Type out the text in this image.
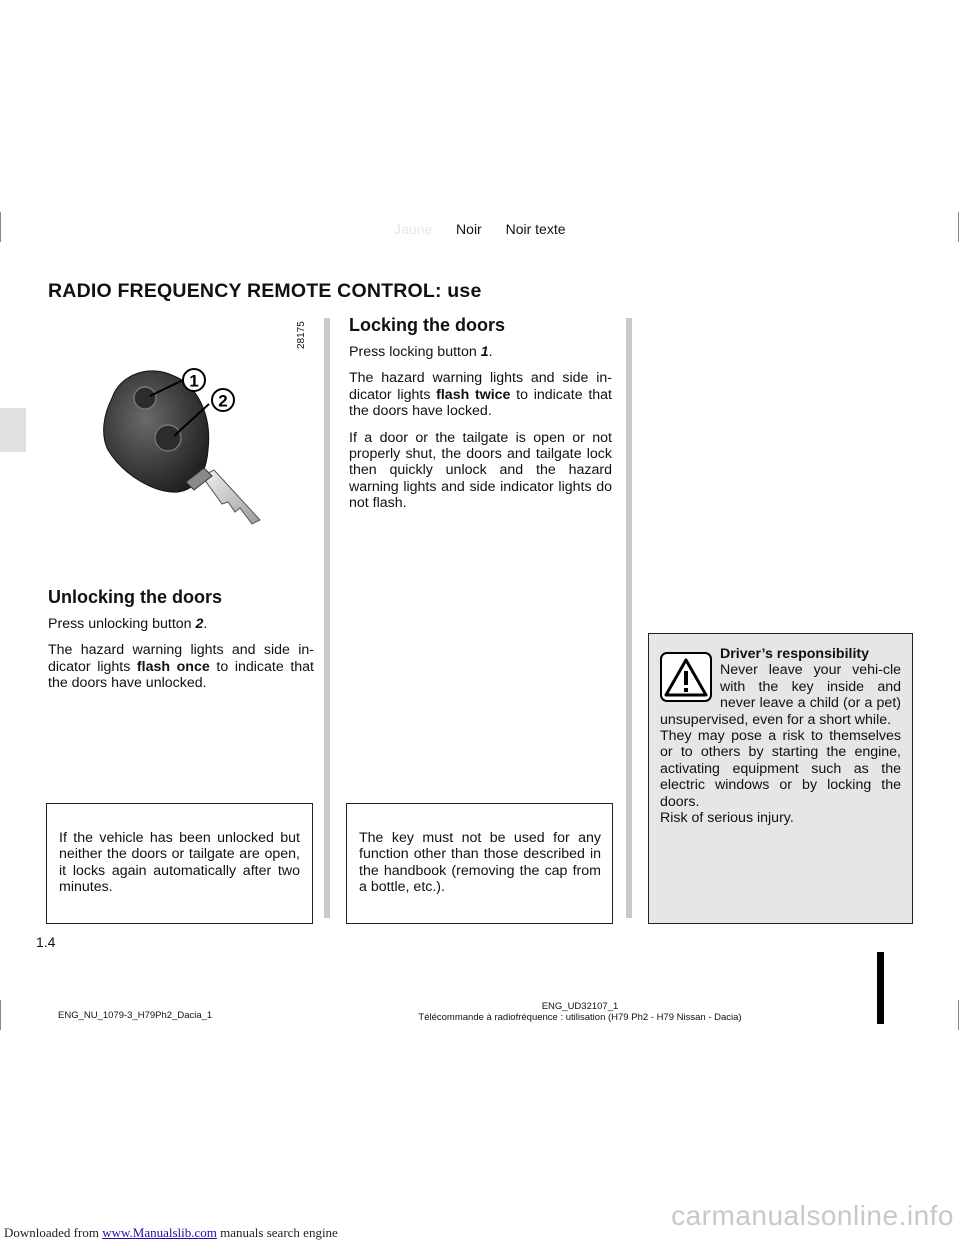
Jaune Noir Noir texte
RADIO FREQUENCY REMOTE CONTROL: use
28175
1
2
Unlocking the doors

Press unlocking button 2.

The hazard warning lights and side in-dicator lights flash once to indicate that the doors have unlocked.

Locking the doors

Press locking button 1.

The hazard warning lights and side in-dicator lights flash twice to indicate that the doors have locked.

If a door or the tailgate is open or not properly shut, the doors and tailgate lock then quickly unlock and the hazard warning lights and side indicator lights do not flash.

If the vehicle has been unlocked but neither the doors or tailgate are open, it locks again automatically after two minutes.

The key must not be used for any function other than those described in the handbook (removing the cap from a bottle, etc.).

Driver’s responsibility

Never leave your vehi-cle with the key inside and never leave a child (or a pet) unsupervised, even for a short while.

They may pose a risk to themselves or to others by starting the engine, activating equipment such as the electric windows or by locking the doors.

Risk of serious injury.

1.4
ENG_NU_1079-3_H79Ph2_Dacia_1
ENG_UD32107_1
Télécommande à radiofréquence : utilisation (H79 Ph2 - H79 Nissan - Dacia)
Downloaded from www.Manualslib.com manuals search engine
carmanualsonline.info
